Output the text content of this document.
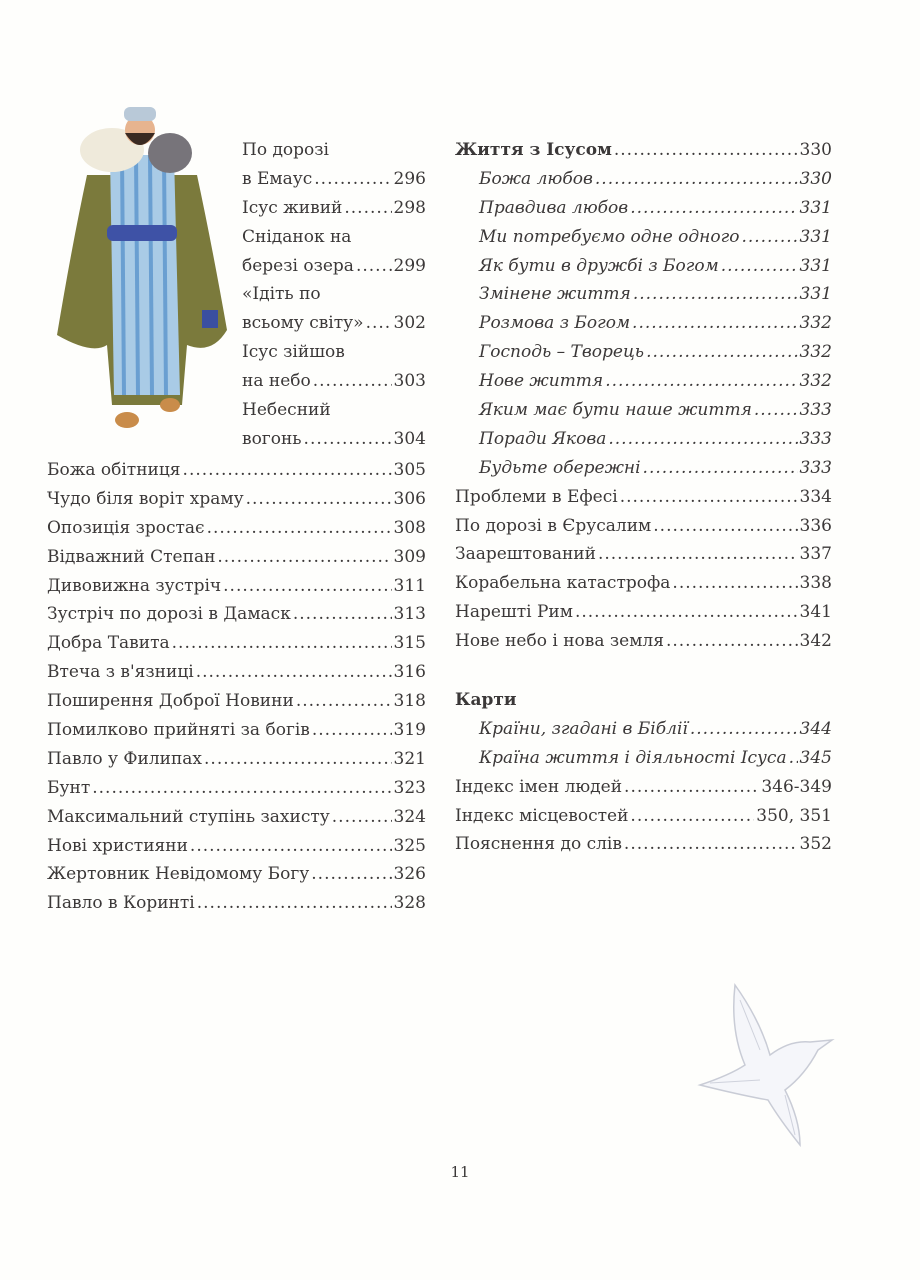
По дорозі
в Емаус .....	296
Ісус живий .....	298
Сніданок на
березі озера ..... 299
«Ідіть по
всьому світу» ..... 302
Ісус зійшов
на небо .....	303
Небесний
вогонь .....	304
Божа обітниця .....	305
Чудо біля воріт храму .....	306
Опозиція зростає .....	308
Відважний Степан .....	309
Дивовижна зустріч .....	311
Зустріч по дорозі в Дамаск .....	313
Добра Тавита .....	315
Втеча з в'язниці .....	316
Поширення Доброї Новини .....	318
Помилково прийняті за богів .....	319
Павло у Филипах .....	321
Бунт .....	323
Максимальний ступінь захисту .....	324
Нові християни .....	325
Жертовник Невідомому Богу .....	326
Павло в Коринті .....	328
Життя з Ісусом .....	330
Божа любов .....	330
Правдива любов .....	331
Ми потребуємо одне одного .....	331
Як бути в дружбі з Богом .....	331
Змінене життя .....	331
Розмова з Богом .....	332
Господь – Творець .....	332
Нове життя .....	332
Яким має бути наше життя .....	333
Поради Якова .....	333
Будьте обережні .....	333
Проблеми в Ефесі .....	334
По дорозі в Єрусалим .....	336
Заарештований .....	337
Корабельна катастрофа .....	338
Нарешті Рим .....	341
Нове небо і нова земля .....	342
Карти
Країни, згадані в Біблії .....	344
Країна життя і діяльності Ісуса ..... 345
Індекс імен людей .....	346-349
Індекс місцевостей .....	350, 351
Пояснення до слів .....	352
11
